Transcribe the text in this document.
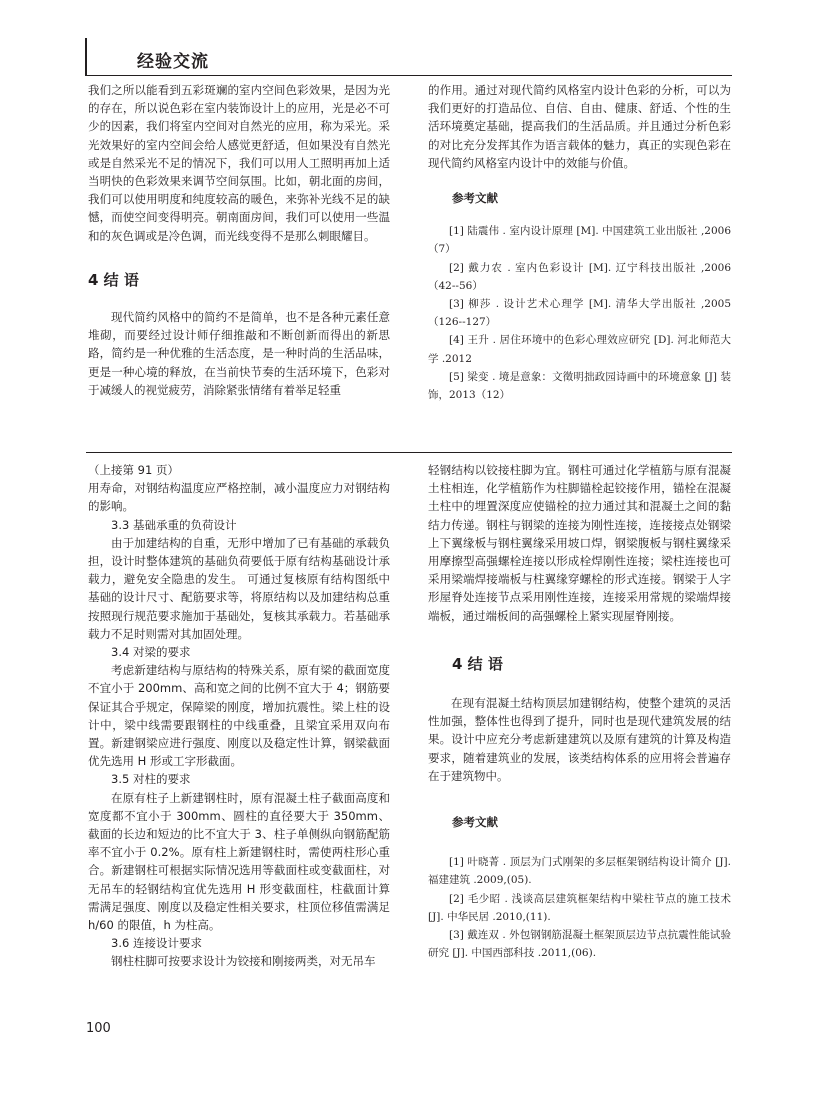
经验交流

我们之所以能看到五彩斑斓的室内空间色彩效果，是因为光的存在，所以说色彩在室内装饰设计上的应用，光是必不可少的因素，我们将室内空间对自然光的应用，称为采光。采光效果好的室内空间会给人感觉更舒适，但如果没有自然光或是自然采光不足的情况下，我们可以用人工照明再加上适当明快的色彩效果来调节空间氛围。比如，朝北面的房间，我们可以使用明度和纯度较高的暖色，来弥补光线不足的缺憾，而使空间变得明亮。朝南面房间，我们可以使用一些温和的灰色调或是冷色调，而光线变得不是那么刺眼耀目。

4 结 语

现代简约风格中的简约不是简单，也不是各种元素任意堆砌，而要经过设计师仔细推敲和不断创新而得出的新思路，简约是一种优雅的生活态度，是一种时尚的生活品味，更是一种心境的释放，在当前快节奏的生活环境下，色彩对于减缓人的视觉疲劳，消除紧张情绪有着举足轻重

的作用。通过对现代简约风格室内设计色彩的分析，可以为我们更好的打造品位、自信、自由、健康、舒适、个性的生活环境奠定基础，提高我们的生活品质。并且通过分析色彩的对比充分发挥其作为语言载体的魅力，真正的实现色彩在现代简约风格室内设计中的效能与价值。

参考文献

[1] 陆震伟 . 室内设计原理 [M]. 中国建筑工业出版社 ,2006（7）

[2] 戴力农 . 室内色彩设计 [M]. 辽宁科技出版社 ,2006（42--56）

[3] 柳莎 . 设计艺术心理学 [M]. 清华大学出版社 ,2005（126--127）

[4] 王升 . 居住环境中的色彩心理效应研究 [D]. 河北师范大学 .2012

[5] 梁变 . 境是意象：文徵明拙政园诗画中的环境意象 [J] 装饰，2013（12）

（上接第 91 页）

用寿命，对钢结构温度应严格控制，减小温度应力对钢结构的影响。

3.3 基础承重的负荷设计

由于加建结构的自重，无形中增加了已有基础的承载负担，设计时整体建筑的基础负荷要低于原有结构基础设计承载力，避免安全隐患的发生。 可通过复核原有结构图纸中基础的设计尺寸、配筋要求等，将原结构以及加建结构总重按照现行规范要求施加于基础处，复核其承载力。若基础承载力不足时则需对其加固处理。

3.4 对梁的要求

考虑新建结构与原结构的特殊关系，原有梁的截面宽度不宜小于 200mm、高和宽之间的比例不宜大于 4；钢筋要保证其合乎规定，保障梁的刚度，增加抗震性。梁上柱的设计中，梁中线需要跟钢柱的中线重叠，且梁宜采用双向布置。新建钢梁应进行强度、刚度以及稳定性计算，钢梁截面优先选用 H 形或工字形截面。

3.5 对柱的要求

在原有柱子上新建钢柱时，原有混凝土柱子截面高度和宽度都不宜小于 300mm、圆柱的直径要大于 350mm、截面的长边和短边的比不宜大于 3、柱子单侧纵向钢筋配筋率不宜小于 0.2%。原有柱上新建钢柱时，需使两柱形心重合。新建钢柱可根据实际情况选用等截面柱或变截面柱，对无吊车的轻钢结构宜优先选用 H 形变截面柱，柱截面计算需满足强度、刚度以及稳定性相关要求，柱顶位移值需满足 h/60 的限值，h 为柱高。

3.6 连接设计要求

钢柱柱脚可按要求设计为铰接和刚接两类，对无吊车

轻钢结构以铰接柱脚为宜。钢柱可通过化学植筋与原有混凝土柱相连，化学植筋作为柱脚锚栓起铰接作用，锚栓在混凝土柱中的埋置深度应使锚栓的拉力通过其和混凝土之间的黏结力传递。钢柱与钢梁的连接为刚性连接，连接接点处钢梁上下翼缘板与钢柱翼缘采用坡口焊，钢梁腹板与钢柱翼缘采用摩擦型高强螺栓连接以形成栓焊刚性连接；梁柱连接也可采用梁端焊接端板与柱翼缘穿螺栓的形式连接。钢梁于人字形屋脊处连接节点采用刚性连接，连接采用常规的梁端焊接端板，通过端板间的高强螺栓上紧实现屋脊刚接。

4 结 语

在现有混凝土结构顶层加建钢结构，使整个建筑的灵活性加强，整体性也得到了提升，同时也是现代建筑发展的结果。设计中应充分考虑新建建筑以及原有建筑的计算及构造要求，随着建筑业的发展，该类结构体系的应用将会普遍存在于建筑物中。

参考文献

[1] 叶晓菁 . 顶层为门式刚架的多层框架钢结构设计简介 [J]. 福建建筑 .2009,(05).

[2] 毛少昭 . 浅谈高层建筑框架结构中梁柱节点的施工技术 [J]. 中华民居 .2010,(11).

[3] 戴连双 . 外包钢钢筋混凝土框架顶层边节点抗震性能试验研究 [J]. 中国西部科技 .2011,(06).

100
